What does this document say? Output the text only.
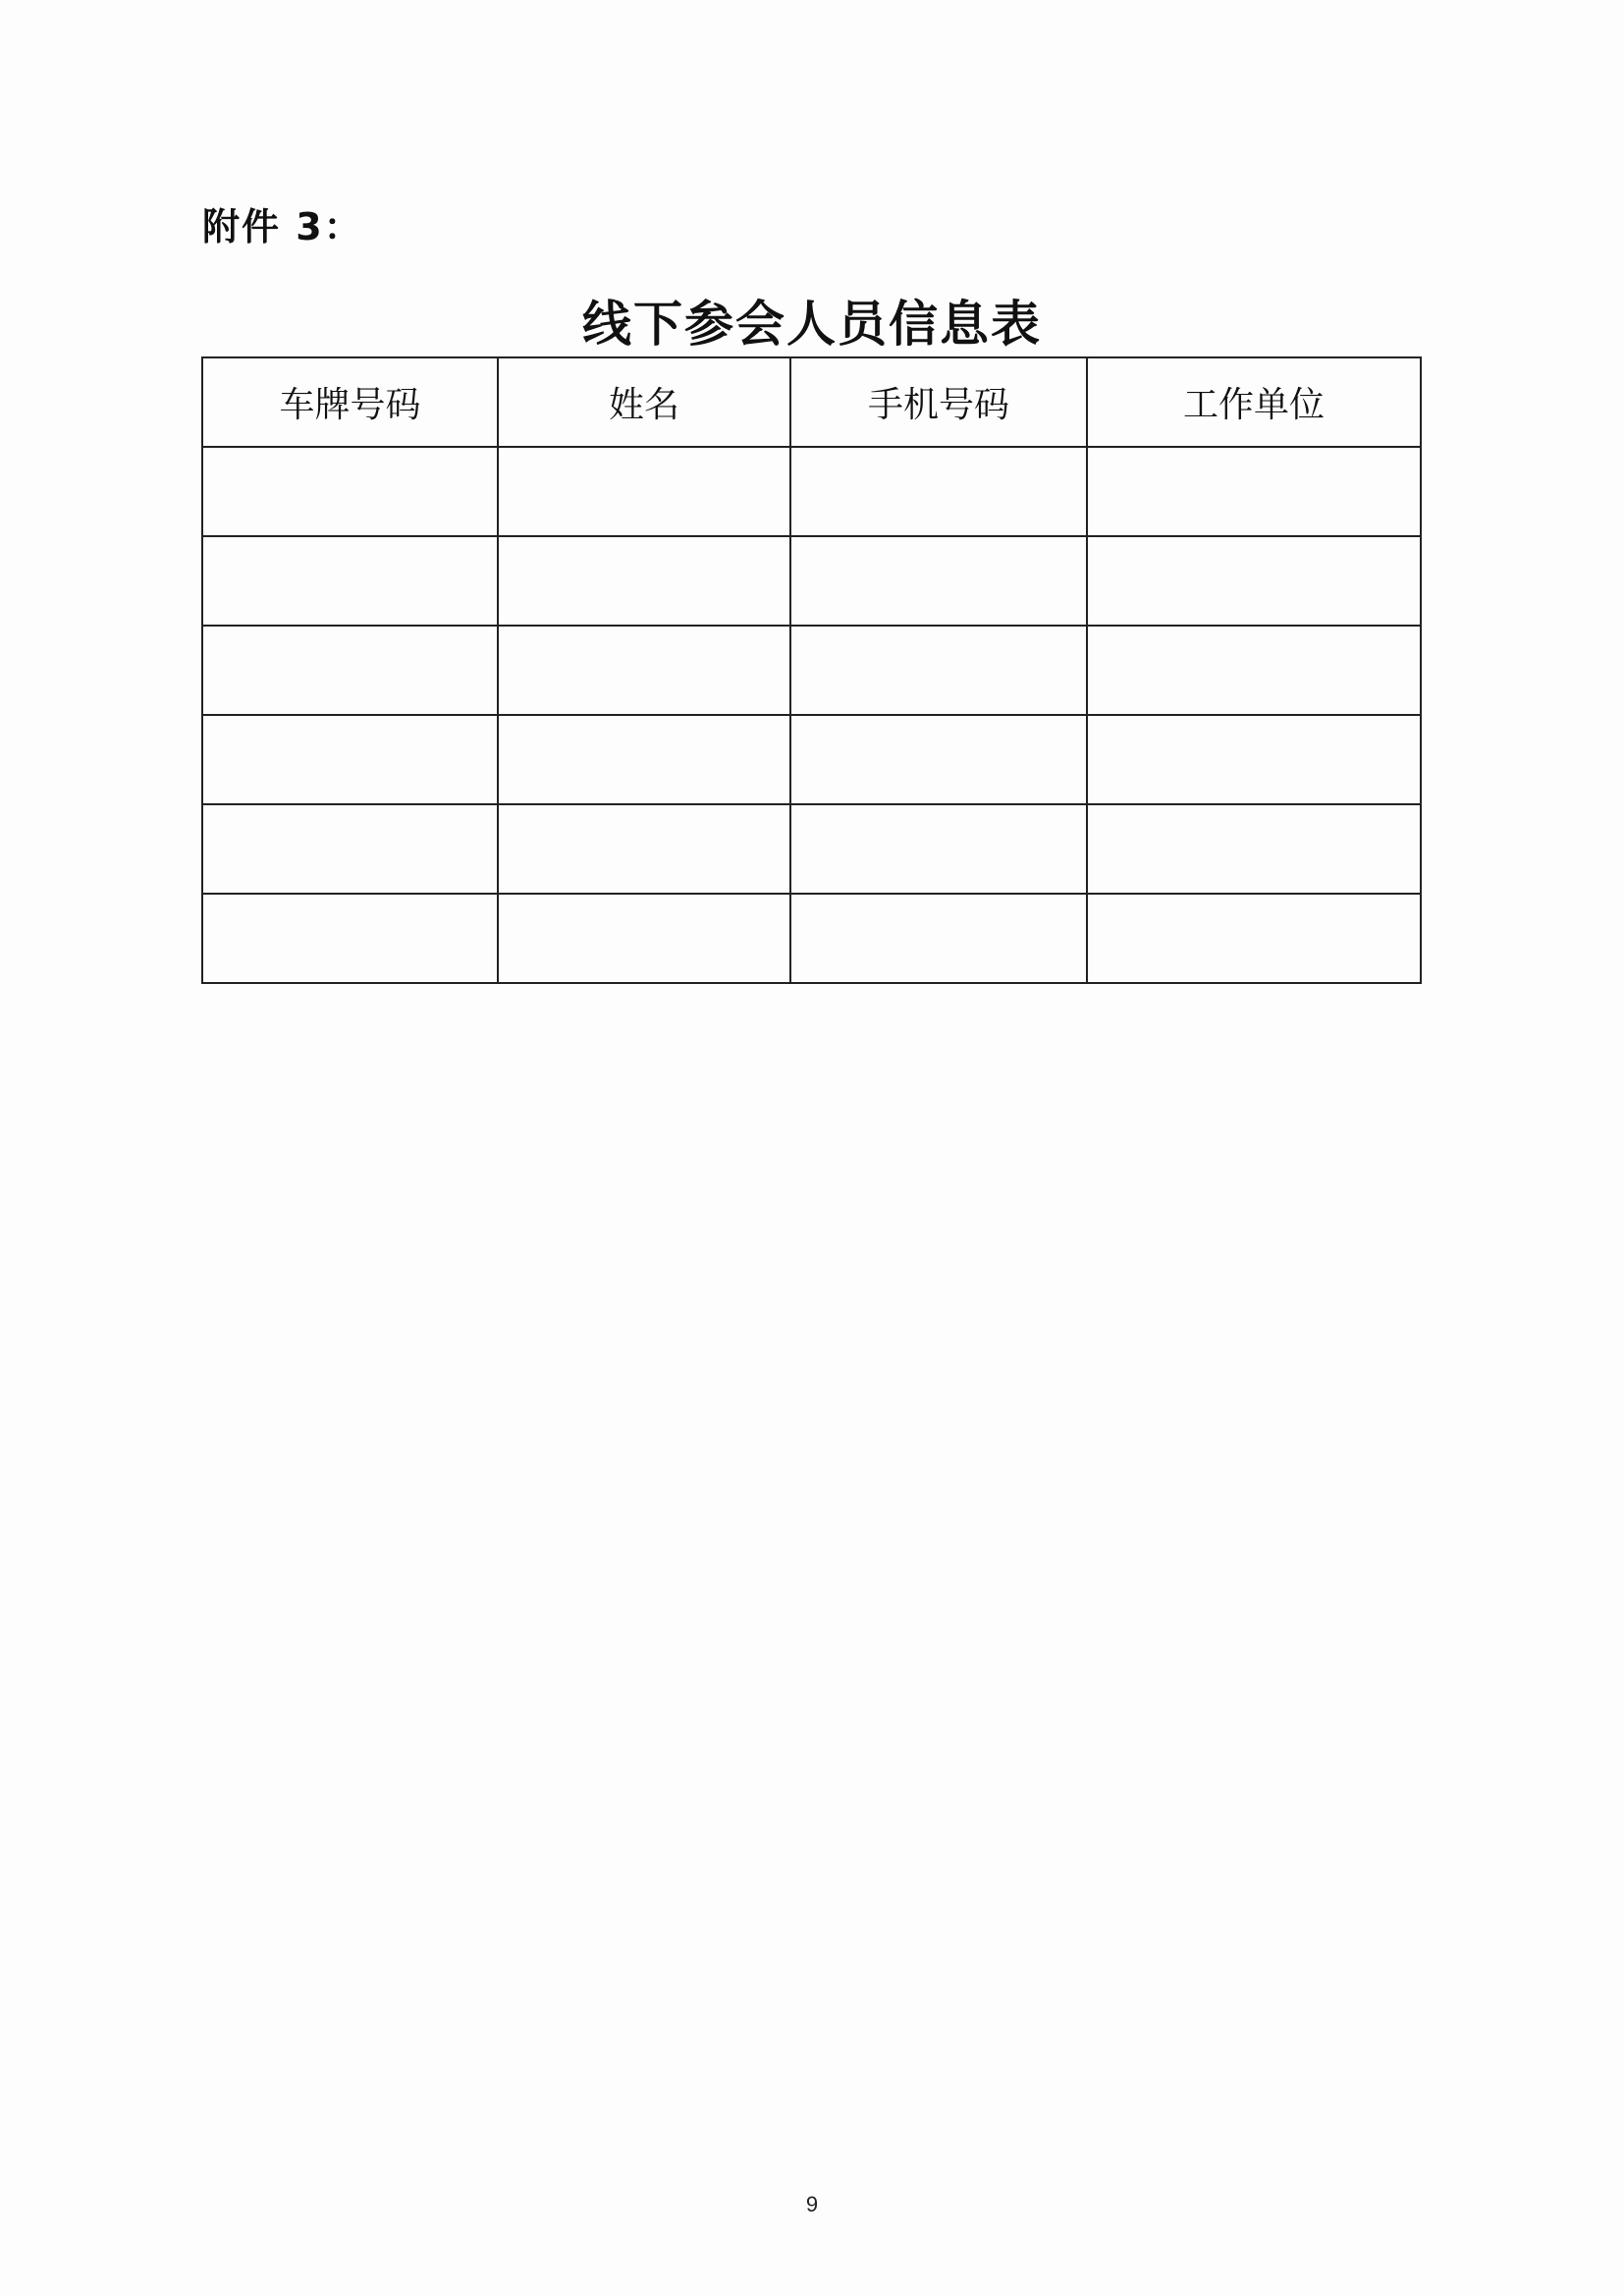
附件 3：
线下参会人员信息表
车牌号码	姓名	手机号码	工作单位

9
